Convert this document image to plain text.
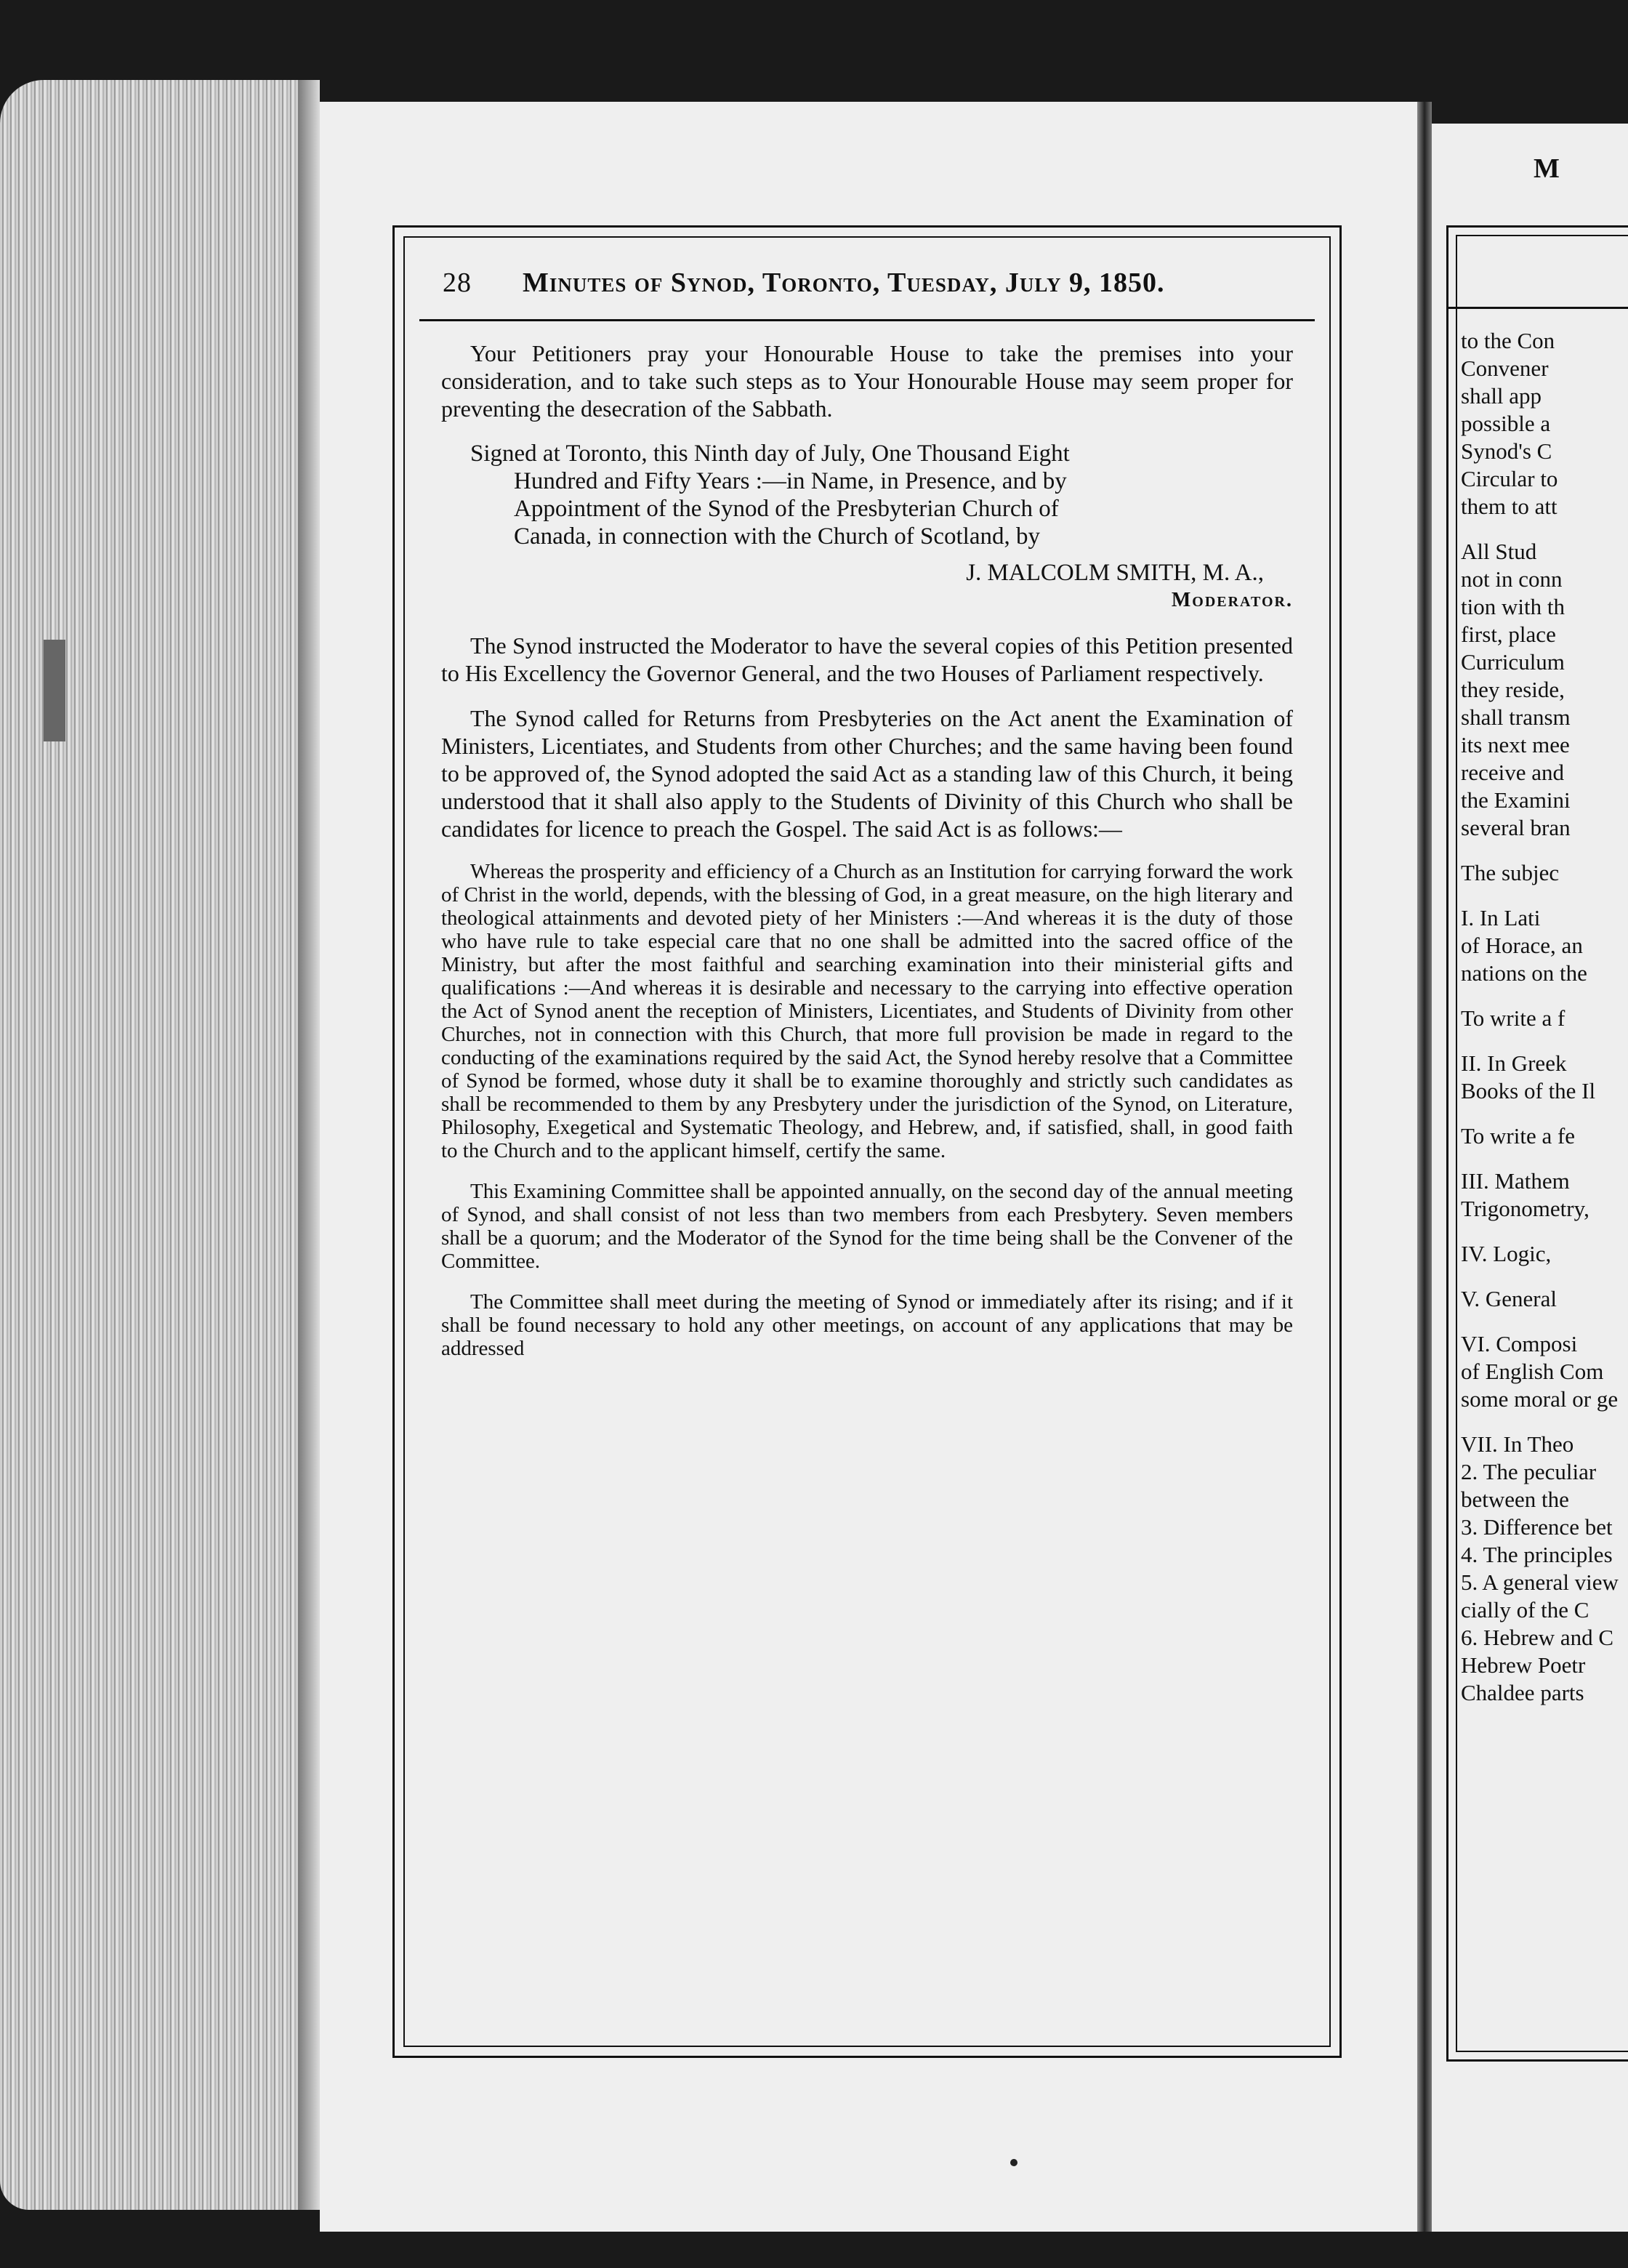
28 Minutes of Synod, Toronto, Tuesday, July 9, 1850.

Your Petitioners pray your Honourable House to take the premises into your consideration, and to take such steps as to Your Honourable House may seem proper for preventing the desecration of the Sabbath.

Signed at Toronto, this Ninth day of July, One Thousand Eight
Hundred and Fifty Years :—in Name, in Presence, and by
Appointment of the Synod of the Presbyterian Church of
Canada, in connection with the Church of Scotland, by

J. MALCOLM SMITH, M. A.,

Moderator.

The Synod instructed the Moderator to have the several copies of this Petition presented to His Excellency the Governor General, and the two Houses of Parliament respectively.

The Synod called for Returns from Presbyteries on the Act anent the Examination of Ministers, Licentiates, and Students from other Churches; and the same having been found to be approved of, the Synod adopted the said Act as a standing law of this Church, it being understood that it shall also apply to the Students of Divinity of this Church who shall be candidates for licence to preach the Gospel. The said Act is as follows:—

Whereas the prosperity and efficiency of a Church as an Institution for carrying forward the work of Christ in the world, depends, with the blessing of God, in a great measure, on the high literary and theological attainments and devoted piety of her Ministers :—And whereas it is the duty of those who have rule to take especial care that no one shall be admitted into the sacred office of the Ministry, but after the most faithful and searching examination into their ministerial gifts and qualifications :—And whereas it is desirable and necessary to the carrying into effective operation the Act of Synod anent the reception of Ministers, Licentiates, and Students of Divinity from other Churches, not in connection with this Church, that more full provision be made in regard to the conducting of the examinations required by the said Act, the Synod hereby resolve that a Committee of Synod be formed, whose duty it shall be to examine thoroughly and strictly such candidates as shall be recommended to them by any Presbytery under the jurisdiction of the Synod, on Literature, Philosophy, Exegetical and Systematic Theology, and Hebrew, and, if satisfied, shall, in good faith to the Church and to the applicant himself, certify the same.

This Examining Committee shall be appointed annually, on the second day of the annual meeting of Synod, and shall consist of not less than two members from each Presbytery. Seven members shall be a quorum; and the Moderator of the Synod for the time being shall be the Convener of the Committee.

The Committee shall meet during the meeting of Synod or immediately after its rising; and if it shall be found necessary to hold any other meetings, on account of any applications that may be addressed

M
to the Con
Convener
shall app
possible a
Synod's C
Circular to
them to att
All Stud
not in conn
tion with th
first, place
Curriculum
they reside,
shall transm
its next mee
receive and
the Examini
several bran
The subjec
I. In Lati
of Horace, an
nations on the
To write a f
II. In Greek
Books of the Il
To write a fe
III. Mathem
Trigonometry,
IV. Logic,
V. General
VI. Composi
of English Com
some moral or ge
VII. In Theo
2. The peculiar
between the
3. Difference bet
4. The principles
5. A general view
cially of the C
6. Hebrew and C
Hebrew Poetr
Chaldee parts
